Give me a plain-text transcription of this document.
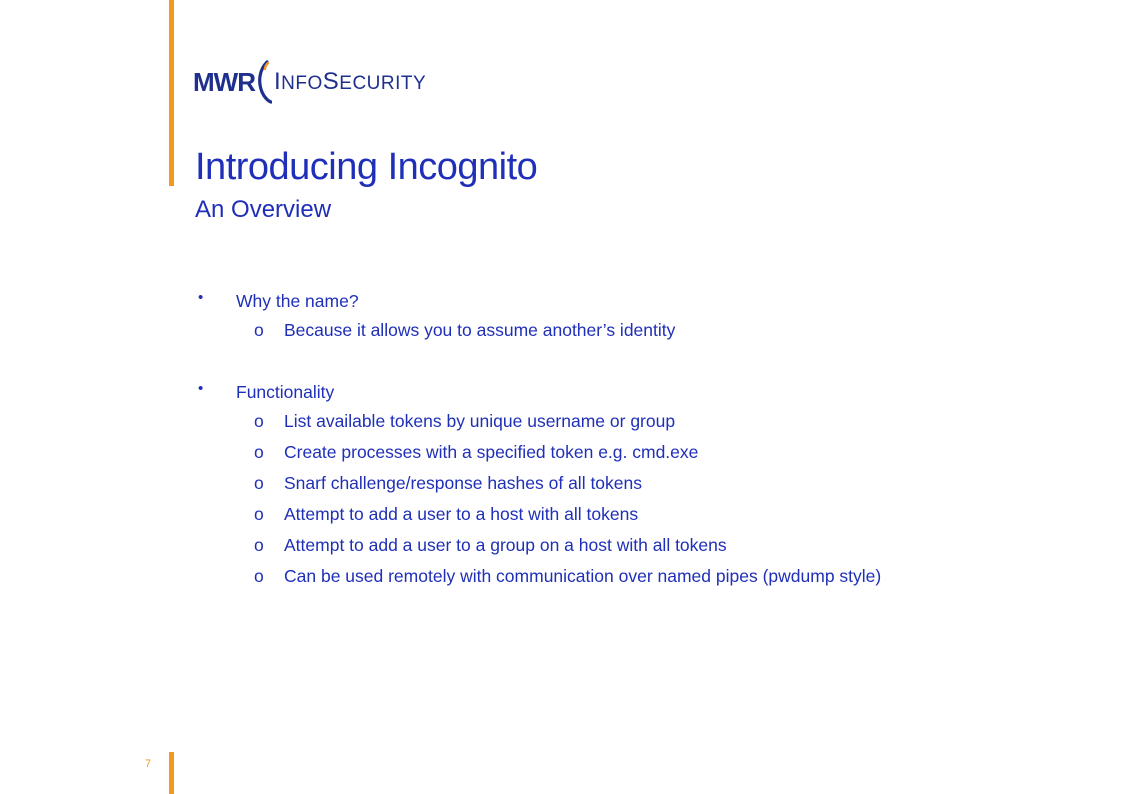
MWR INFOSECURITY
Introducing Incognito
An Overview
• Why the name?
o Because it allows you to assume another’s identity
• Functionality
o List available tokens by unique username or group
o Create processes with a specified token e.g. cmd.exe
o Snarf challenge/response hashes of all tokens
o Attempt to add a user to a host with all tokens
o Attempt to add a user to a group on a host with all tokens
o Can be used remotely with communication over named pipes (pwdump style)
7
